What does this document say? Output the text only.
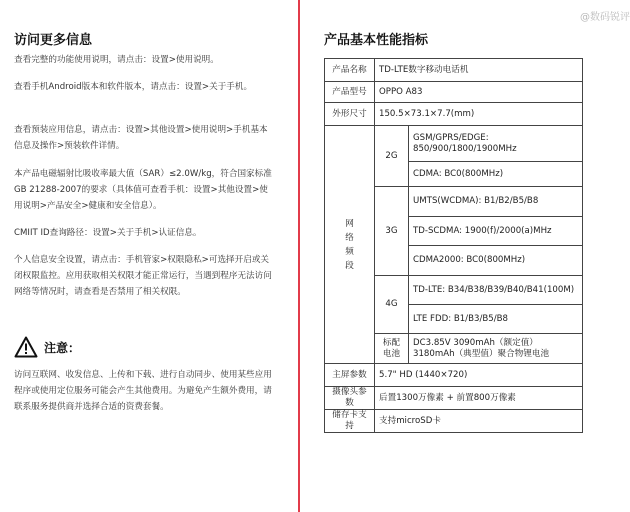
访问更多信息
查看完整的功能使用说明，请点击：设置>使用说明。
查看手机Android版本和软件版本，请点击：设置>关于手机。
查看预装应用信息，请点击：设置>其他设置>使用说明>手机基本信息及操作>预装软件详情。
本产品电磁辐射比吸收率最大值（SAR）≤2.0W/kg，符合国家标准GB 21288-2007的要求（具体值可查看手机：设置>其他设置>使用说明>产品安全>健康和安全信息）。
CMIIT ID查询路径：设置>关于手机>认证信息。
个人信息安全设置，请点击：手机管家>权限隐私>可选择开启或关闭权限监控。应用获取相关权限才能正常运行，当遇到程序无法访问网络等情况时，请查看是否禁用了相关权限。
注意：
访问互联网、收发信息、上传和下载、进行自动同步、使用某些应用程序或使用定位服务可能会产生其他费用。为避免产生额外费用，请联系服务提供商并选择合适的资费套餐。
@数码锐评
产品基本性能指标
产品名称	TD-LTE数字移动电话机	
产品型号	OPPO A83	
外形尺寸	150.5×73.1×7.7(mm)	

网络频段	2G	GSM/GPRS/EDGE:
850/900/1800/1900MHz
		CDMA: BC0(800MHz)
	3G	UMTS(WCDMA): B1/B2/B5/B8
		TD-SCDMA: 1900(f)/2000(a)MHz
		CDMA2000: BC0(800MHz)
	4G	TD-LTE: B34/B38/B39/B40/B41(100M)
		LTE FDD: B1/B3/B5/B8
	标配电池	DC3.85V 3090mAh（额定值）
3180mAh（典型值）聚合物锂电池
主屏参数	5.7" HD (1440×720)	
摄像头参数	后置1300万像素 + 前置800万像素	
储存卡支持	支持microSD卡	
